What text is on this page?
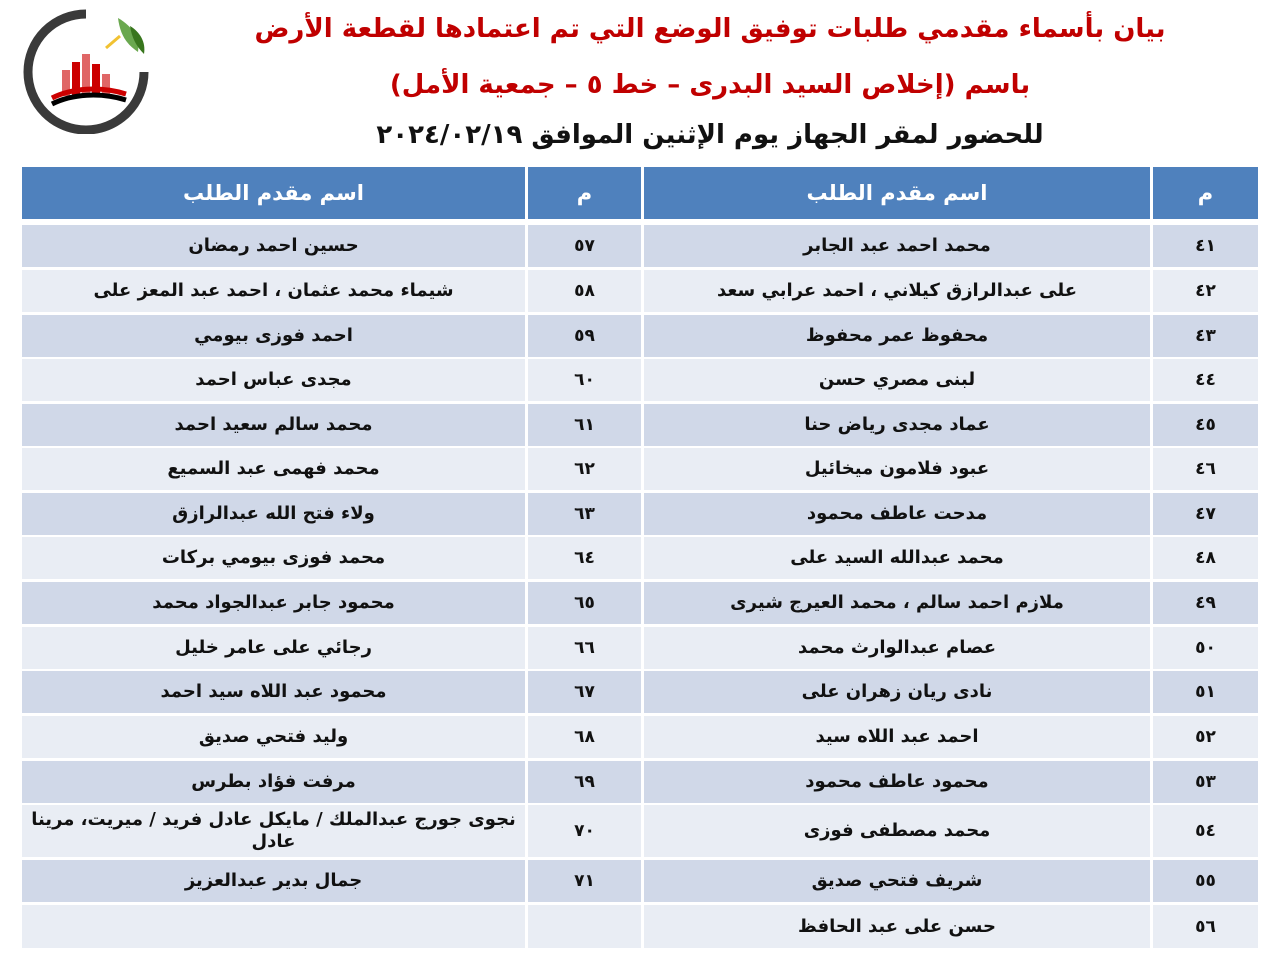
بيان بأسماء مقدمي طلبات توفيق الوضع التي تم اعتمادها لقطعة الأرض
باسم (إخلاص السيد البدرى – خط ٥ – جمعية الأمل)
للحضور لمقر الجهاز يوم الإثنين الموافق ٢٠٢٤/٠٢/١٩
م
اسم مقدم الطلب
م
اسم مقدم الطلب
٤١
محمد احمد عبد الجابر
٥٧
حسين احمد رمضان
٤٢
على عبدالرازق كيلاني ، احمد عرابي سعد
٥٨
شيماء محمد عثمان ، احمد عبد المعز على
٤٣
محفوظ عمر محفوظ
٥٩
احمد فوزى بيومي
٤٤
لبنى مصري حسن
٦٠
مجدى عباس احمد
٤٥
عماد مجدى رياض حنا
٦١
محمد سالم سعيد احمد
٤٦
عبود فلامون ميخائيل
٦٢
محمد فهمى عبد السميع
٤٧
مدحت عاطف محمود
٦٣
ولاء فتح الله عبدالرازق
٤٨
محمد عبدالله السيد على
٦٤
محمد فوزى بيومي بركات
٤٩
ملازم احمد سالم ، محمد العيرج شيرى
٦٥
محمود جابر عبدالجواد محمد
٥٠
عصام عبدالوارث محمد
٦٦
رجائي على عامر خليل
٥١
نادى ريان زهران على
٦٧
محمود عبد اللاه سيد احمد
٥٢
احمد عبد اللاه سيد
٦٨
وليد فتحي صديق
٥٣
محمود عاطف محمود
٦٩
مرفت فؤاد بطرس
٥٤
محمد مصطفى فوزى
٧٠
نجوى جورج عبدالملك / مايكل عادل فريد / ميريت، مرينا عادل
٥٥
شريف فتحي صديق
٧١
جمال بدير عبدالعزيز
٥٦
حسن على عبد الحافظ
